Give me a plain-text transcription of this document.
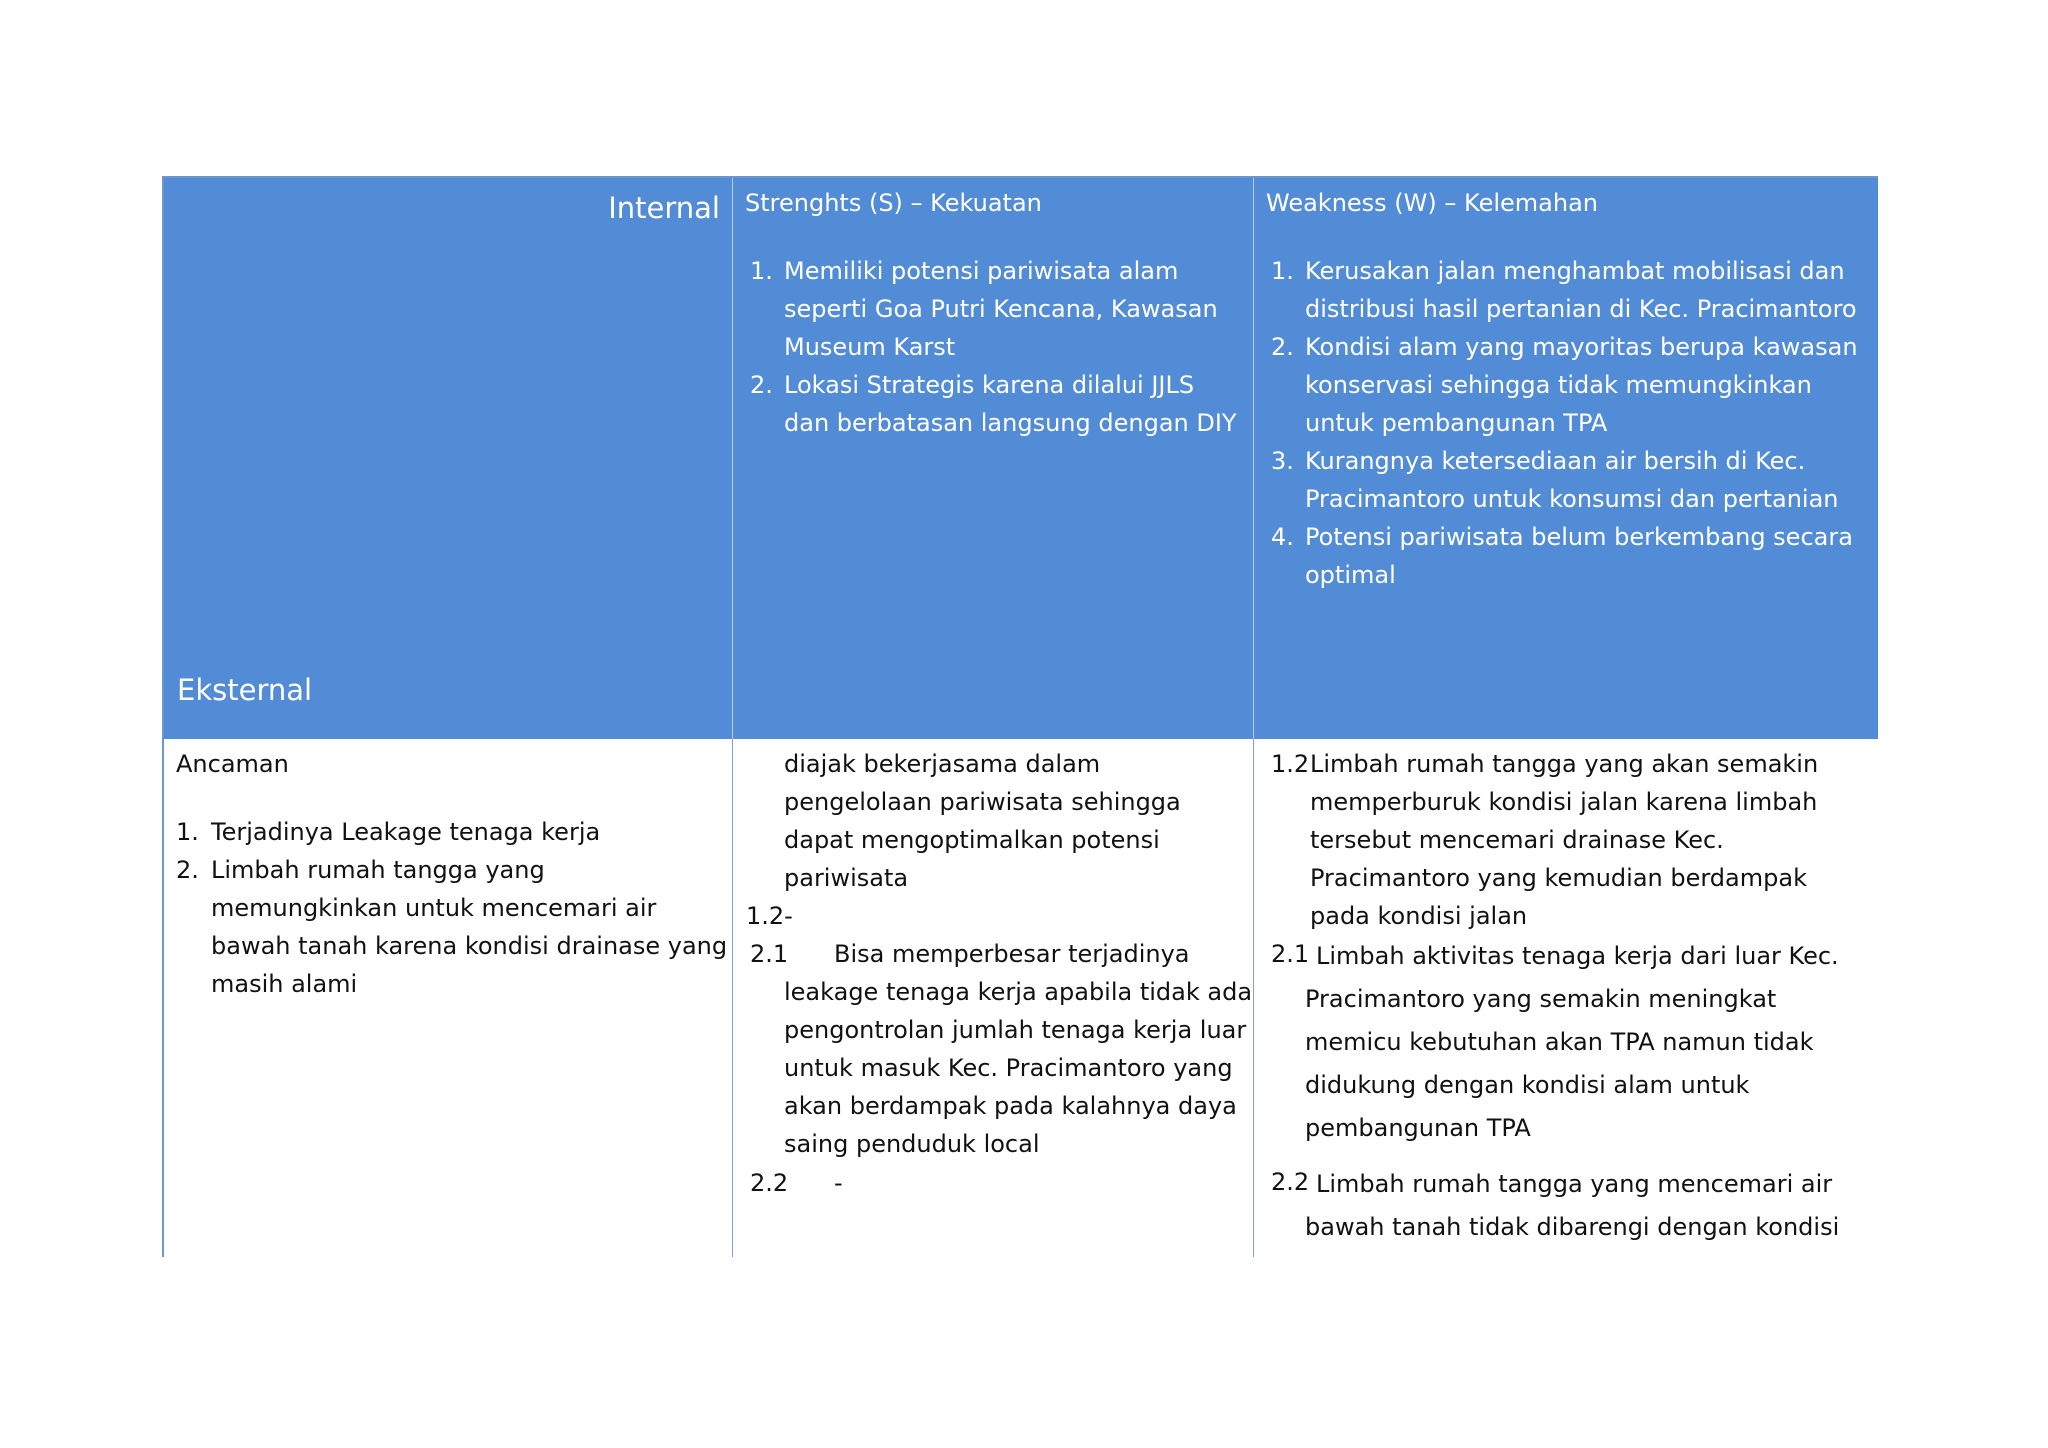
Internal
Eksternal
Strenghts (S) – Kekuatan
1. Memiliki potensi pariwisata alam seperti Goa Putri Kencana, Kawasan Museum Karst
2. Lokasi Strategis karena dilalui JJLS dan berbatasan langsung dengan DIY
Weakness (W) – Kelemahan
1. Kerusakan jalan menghambat mobilisasi dan distribusi hasil pertanian di Kec. Pracimantoro
2. Kondisi alam yang mayoritas berupa kawasan konservasi sehingga tidak memungkinkan untuk pembangunan TPA
3. Kurangnya ketersediaan air bersih di Kec. Pracimantoro untuk konsumsi dan pertanian
4. Potensi pariwisata belum berkembang secara optimal
Ancaman
1. Terjadinya Leakage tenaga kerja
2. Limbah rumah tangga yang memungkinkan untuk mencemari air bawah tanah karena kondisi drainase yang masih alami
diajak bekerjasama dalam pengelolaan pariwisata sehingga dapat mengoptimalkan potensi pariwisata
1.2-
2.1	Bisa memperbesar terjadinya leakage tenaga kerja apabila tidak ada pengontrolan jumlah tenaga kerja luar untuk masuk Kec. Pracimantoro yang akan berdampak pada kalahnya daya saing penduduk local
2.2 -
1.2 Limbah rumah tangga yang akan semakin memperburuk kondisi jalan karena limbah tersebut mencemari drainase Kec. Pracimantoro yang kemudian berdampak pada kondisi jalan
2.1 Limbah aktivitas tenaga kerja dari luar Kec. Pracimantoro yang semakin meningkat memicu kebutuhan akan TPA namun tidak didukung dengan kondisi alam untuk pembangunan TPA
2.2 Limbah rumah tangga yang mencemari air bawah tanah tidak dibarengi dengan kondisi
